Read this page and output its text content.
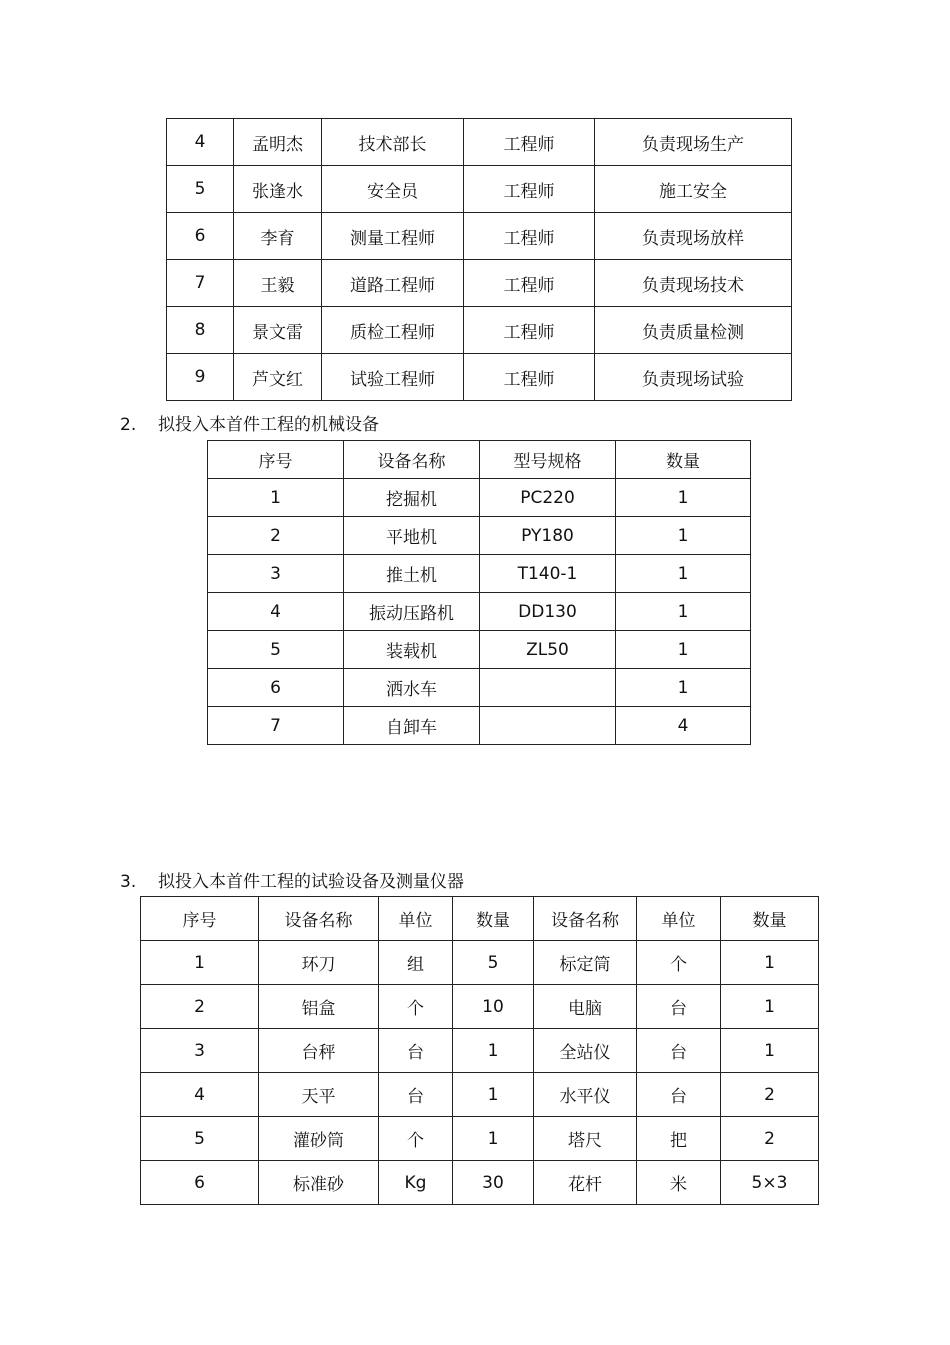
4	孟明杰	技术部长	工程师	负责现场生产
5	张逢水	安全员	工程师	施工安全
6	李育	测量工程师	工程师	负责现场放样
7	王毅	道路工程师	工程师	负责现场技术
8	景文雷	质检工程师	工程师	负责质量检测
9	芦文红	试验工程师	工程师	负责现场试验
2. 拟投入本首件工程的机械设备
序号	设备名称	型号规格	数量
1	挖掘机	PC220	1
2	平地机	PY180	1
3	推土机	T140-1	1
4	振动压路机	DD130	1
5	装载机	ZL50	1
6	洒水车		1
7	自卸车		4
3. 拟投入本首件工程的试验设备及测量仪器
序号	设备名称	单位	数量	设备名称	单位	数量
1	环刀	组	5	标定筒	个	1
2	铝盒	个	10	电脑	台	1
3	台秤	台	1	全站仪	台	1
4	天平	台	1	水平仪	台	2
5	灌砂筒	个	1	塔尺	把	2
6	标准砂	Kg	30	花杆	米	5×3
